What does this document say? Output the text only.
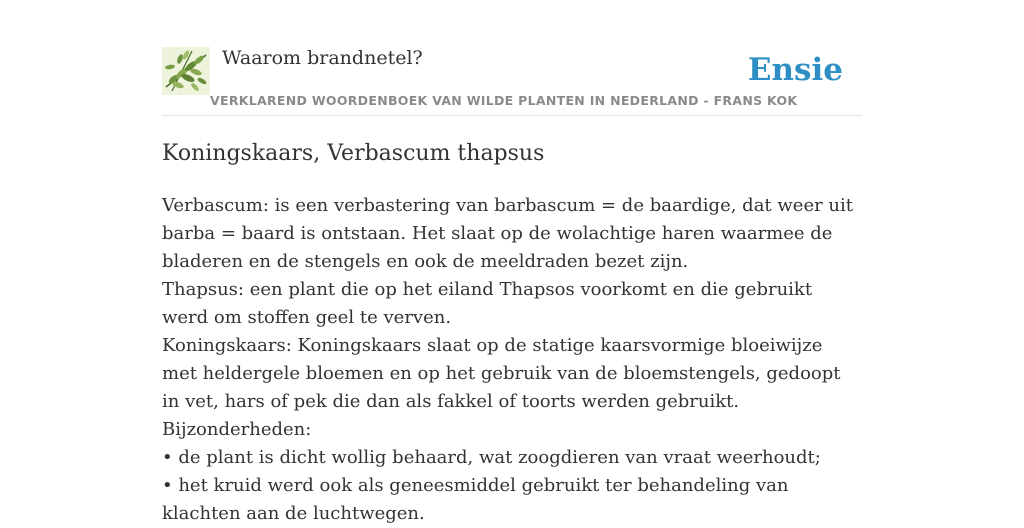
Waarom brandnetel?	Ensie
VERKLAREND WOORDENBOEK VAN WILDE PLANTEN IN NEDERLAND - FRANS KOK
Koningskaars, Verbascum thapsus

Verbascum: is een verbastering van barbascum = de baardige, dat weer uit barba = baard is ontstaan. Het slaat op de wolachtige haren waarmee de bladeren en de stengels en ook de meeldraden bezet zijn.

Thapsus: een plant die op het eiland Thapsos voorkomt en die gebruikt werd om stoffen geel te verven.

Koningskaars: Koningskaars slaat op de statige kaarsvormige bloeiwijze met heldergele bloemen en op het gebruik van de bloemstengels, gedoopt in vet, hars of pek die dan als fakkel of toorts werden gebruikt.

Bijzonderheden:

• de plant is dicht wollig behaard, wat zoogdieren van vraat weerhoudt;

• het kruid werd ook als geneesmiddel gebruikt ter behandeling van klachten aan de luchtwegen.
